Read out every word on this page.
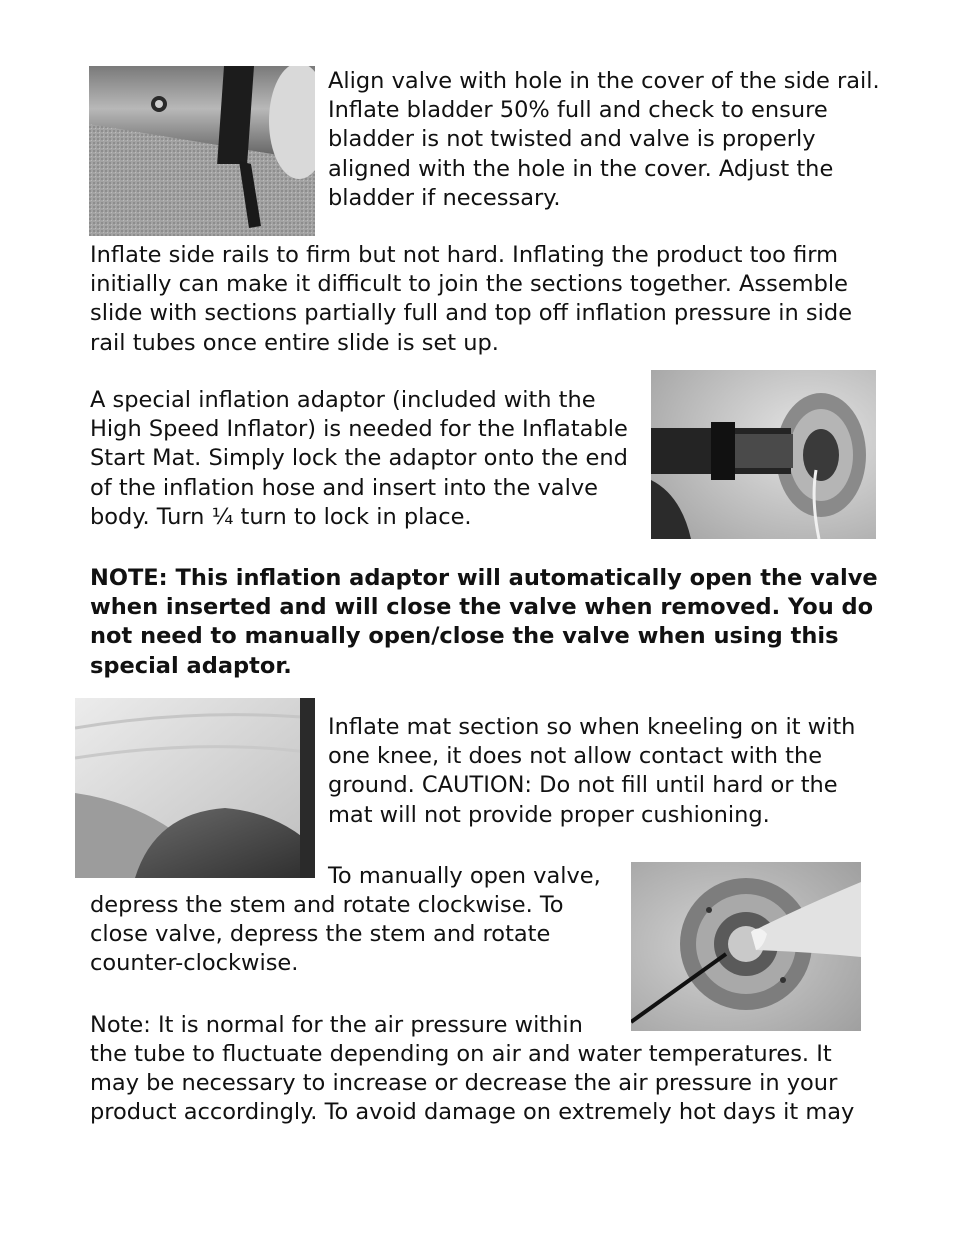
Align valve with hole in the cover of the side rail.
Inflate bladder 50% full and check to ensure
bladder is not twisted and valve is properly
aligned with the hole in the cover. Adjust the
bladder if necessary.

Inflate side rails to firm but not hard. Inflating the product too firm
initially can make it difficult to join the sections together. Assemble
slide with sections partially full and top off inflation pressure in side
rail tubes once entire slide is set up.

A special inflation adaptor (included with the
High Speed Inflator) is needed for the Inflatable
Start Mat. Simply lock the adaptor onto the end
of the inflation hose and insert into the valve
body. Turn ¼ turn to lock in place.

NOTE: This inflation adaptor will automatically open the valve
when inserted and will close the valve when removed. You do
not need to manually open/close the valve when using this
special adaptor.

Inflate mat section so when kneeling on it with
one knee, it does not allow contact with the
ground. CAUTION: Do not fill until hard or the
mat will not provide proper cushioning.

To manually open valve,

depress the stem and rotate clockwise. To
close valve, depress the stem and rotate
counter-clockwise.

Note: It is normal for the air pressure within

the tube to fluctuate depending on air and water temperatures. It
may be necessary to increase or decrease the air pressure in your
product accordingly. To avoid damage on extremely hot days it may
